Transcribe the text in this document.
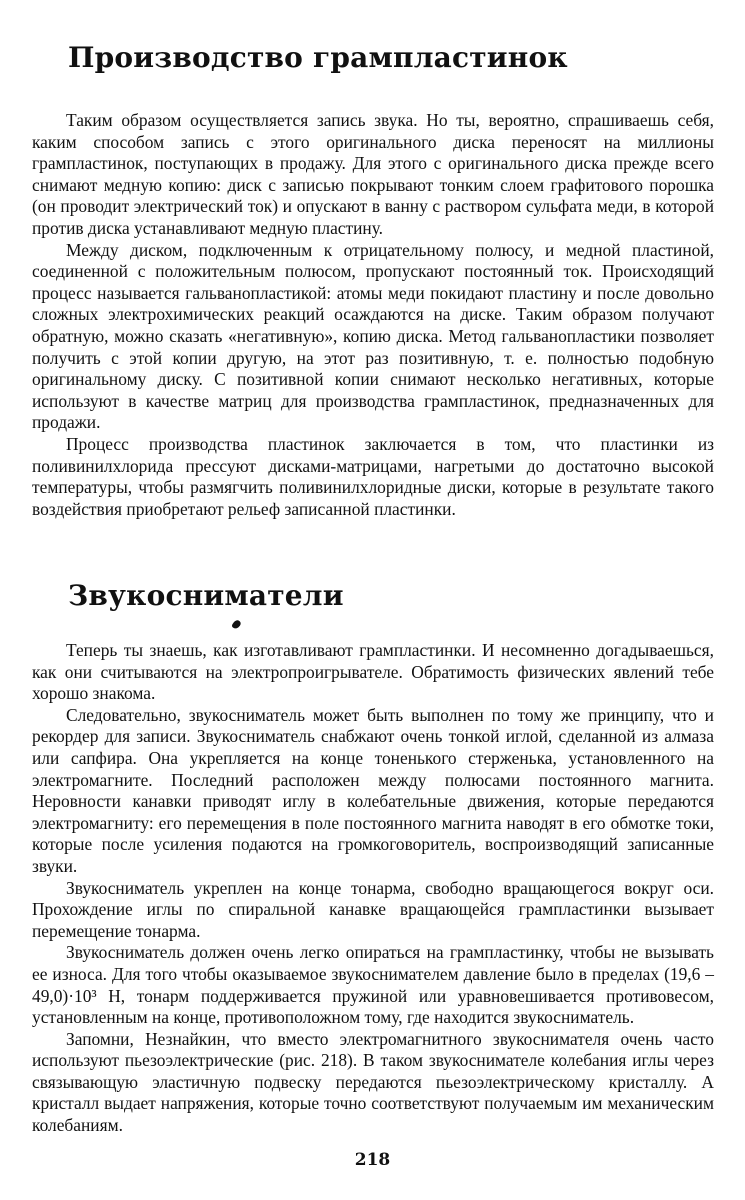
Производство грампластинок

Таким образом осуществляется запись звука. Но ты, вероятно, спрашиваешь себя, каким способом запись с этого оригинального диска переносят на миллионы грампластинок, поступающих в продажу. Для этого с оригинального диска прежде всего снимают медную копию: диск с записью покрывают тонким слоем графитового порошка (он проводит электрический ток) и опускают в ванну с раствором сульфата меди, в которой против диска устанавливают медную пластину.

Между диском, подключенным к отрицательному полюсу, и медной пластиной, соединенной с положительным полюсом, пропускают постоянный ток. Происходящий процесс называется гальванопластикой: атомы меди покидают пластину и после довольно сложных электрохимических реакций осаждаются на диске. Таким образом получают обратную, можно сказать «негативную», копию диска. Метод гальванопластики позволяет получить с этой копии другую, на этот раз позитивную, т. е. полностью подобную оригинальному диску. С позитивной копии снимают несколько негативных, которые используют в качестве матриц для производства грампластинок, предназначенных для продажи.

Процесс производства пластинок заключается в том, что пластинки из поливинилхлорида прессуют дисками-матрицами, нагретыми до достаточно высокой температуры, чтобы размягчить поливинилхлоридные диски, которые в результате такого воздействия приобретают рельеф записанной пластинки.

Звукосниматели

Теперь ты знаешь, как изготавливают грампластинки. И несомненно догадываешься, как они считываются на электропроигрывателе. Обратимость физических явлений тебе хорошо знакома.

Следовательно, звукосниматель может быть выполнен по тому же принципу, что и рекордер для записи. Звукосниматель снабжают очень тонкой иглой, сделанной из алмаза или сапфира. Она укрепляется на конце тоненького стерженька, установленного на электромагните. Последний расположен между полюсами постоянного магнита. Неровности канавки приводят иглу в колебательные движения, которые передаются электромагниту: его перемещения в поле постоянного магнита наводят в его обмотке токи, которые после усиления подаются на громкоговоритель, воспроизводящий записанные звуки.

Звукосниматель укреплен на конце тонарма, свободно вращающегося вокруг оси. Прохождение иглы по спиральной канавке вращающейся грампластинки вызывает перемещение тонарма.

Звукосниматель должен очень легко опираться на грампластинку, чтобы не вызывать ее износа. Для того чтобы оказываемое звукоснимателем давление было в пределах (19,6 – 49,0)·10³ Н, тонарм поддерживается пружиной или уравновешивается противовесом, установленным на конце, противоположном тому, где находится звукосниматель.

Запомни, Незнайкин, что вместо электромагнитного звукоснимателя очень часто используют пьезоэлектрические (рис. 218). В таком звукоснимателе колебания иглы через связывающую эластичную подвеску передаются пьезоэлектрическому кристаллу. А кристалл выдает напряжения, которые точно соответствуют получаемым им механическим колебаниям.

218
